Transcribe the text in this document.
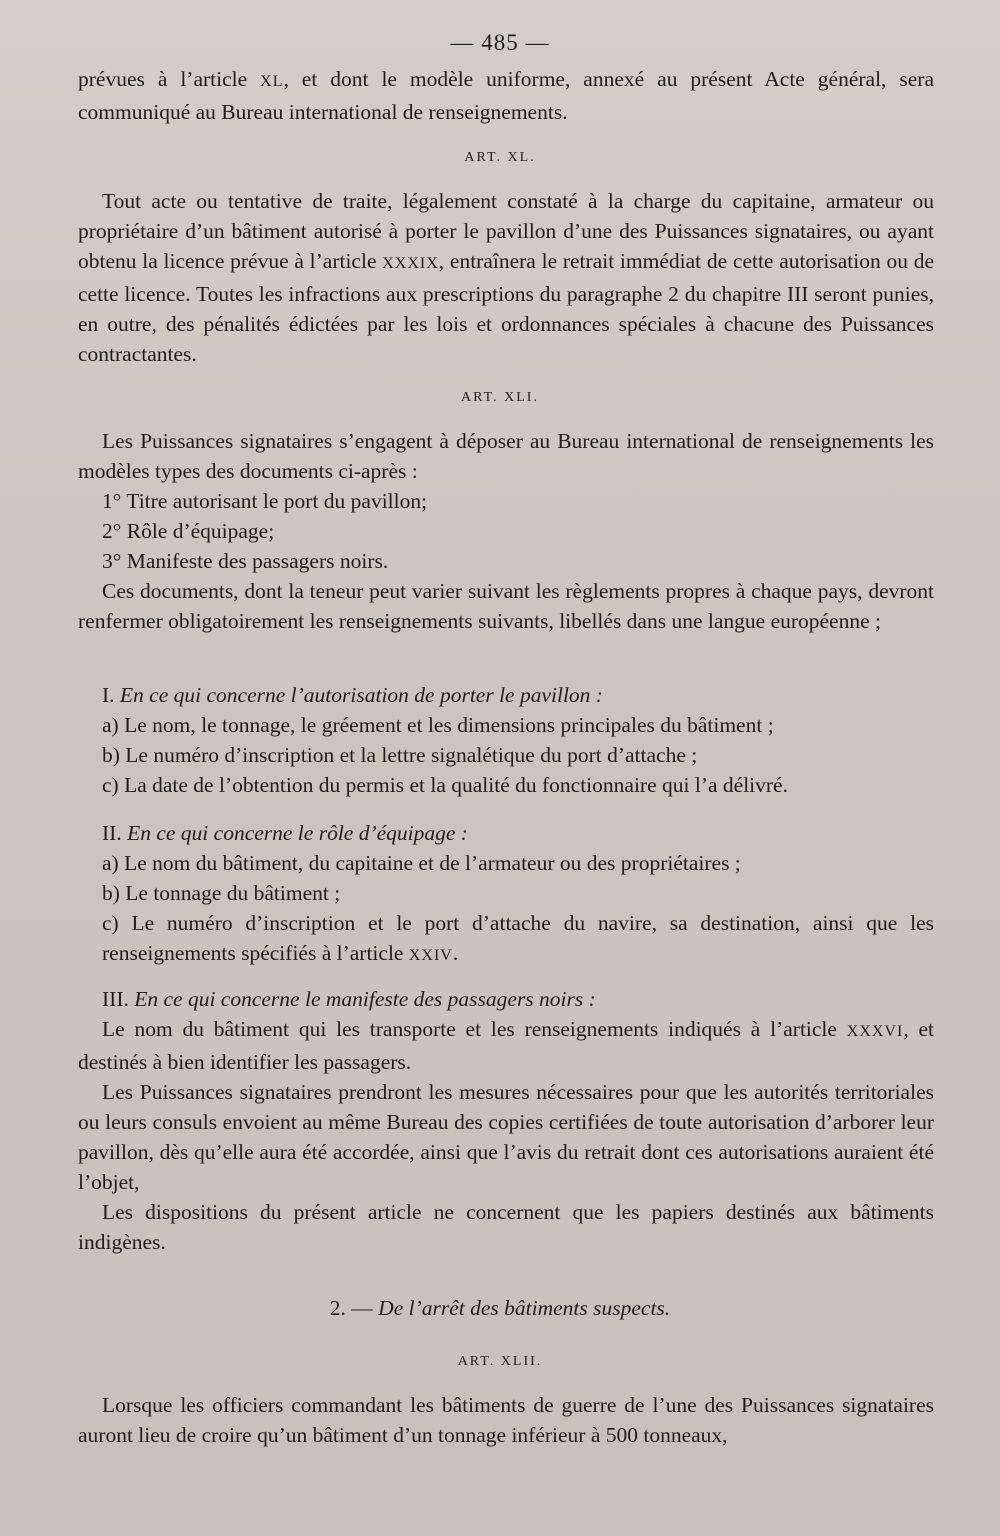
— 485 —

prévues à l’article XL, et dont le modèle uniforme, annexé au présent Acte général, sera communiqué au Bureau international de renseignements.

ART. XL.

Tout acte ou tentative de traite, légalement constaté à la charge du capitaine, armateur ou propriétaire d’un bâtiment autorisé à porter le pavillon d’une des Puissances signataires, ou ayant obtenu la licence prévue à l’article XXXIX, entraînera le retrait immédiat de cette autorisation ou de cette licence. Toutes les infractions aux prescriptions du paragraphe 2 du chapitre III seront punies, en outre, des pénalités édictées par les lois et ordonnances spéciales à chacune des Puissances contractantes.

ART. XLI.

Les Puissances signataires s’engagent à déposer au Bureau international de renseignements les modèles types des documents ci-après :

1° Titre autorisant le port du pavillon;

2° Rôle d’équipage;

3° Manifeste des passagers noirs.

Ces documents, dont la teneur peut varier suivant les règlements propres à chaque pays, devront renfermer obligatoirement les renseignements suivants, libellés dans une langue européenne ;

I. En ce qui concerne l’autorisation de porter le pavillon :

a) Le nom, le tonnage, le gréement et les dimensions principales du bâtiment ;

b) Le numéro d’inscription et la lettre signalétique du port d’attache ;

c) La date de l’obtention du permis et la qualité du fonctionnaire qui l’a délivré.

II. En ce qui concerne le rôle d’équipage :

a) Le nom du bâtiment, du capitaine et de l’armateur ou des propriétaires ;

b) Le tonnage du bâtiment ;

c) Le numéro d’inscription et le port d’attache du navire, sa destination, ainsi que les renseignements spécifiés à l’article XXIV.

III. En ce qui concerne le manifeste des passagers noirs :

Le nom du bâtiment qui les transporte et les renseignements indiqués à l’article XXXVI, et destinés à bien identifier les passagers.

Les Puissances signataires prendront les mesures nécessaires pour que les autorités territoriales ou leurs consuls envoient au même Bureau des copies certifiées de toute autorisation d’arborer leur pavillon, dès qu’elle aura été accordée, ainsi que l’avis du retrait dont ces autorisations auraient été l’objet,

Les dispositions du présent article ne concernent que les papiers destinés aux bâtiments indigènes.

2. — De l’arrêt des bâtiments suspects.
ART. XLII.

Lorsque les officiers commandant les bâtiments de guerre de l’une des Puissances signataires auront lieu de croire qu’un bâtiment d’un tonnage inférieur à 500 tonneaux,
